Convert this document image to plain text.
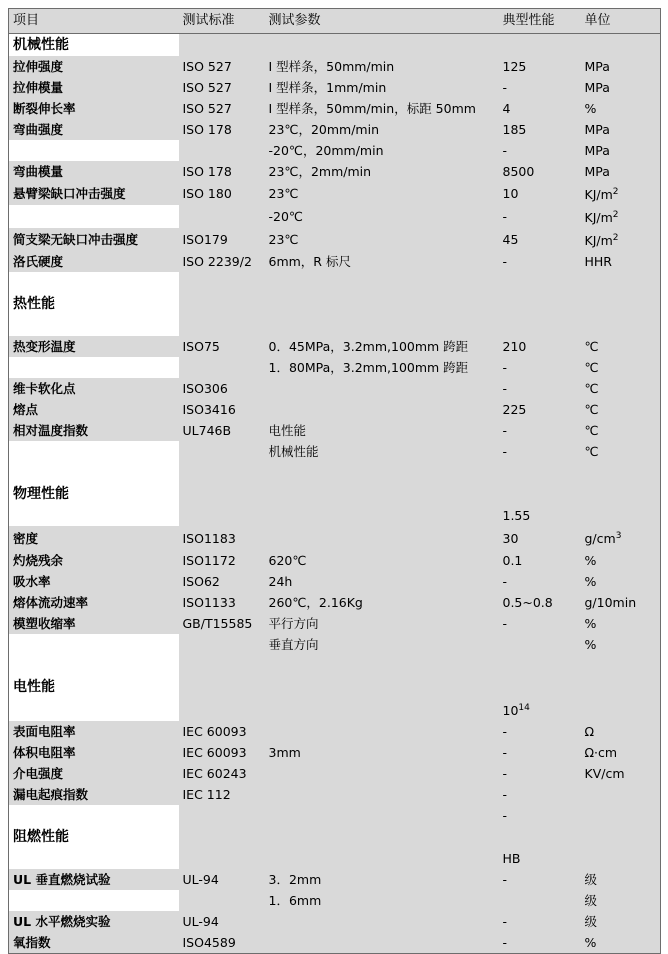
项目	测试标准	测试参数	典型性能	单位
机械性能				
拉伸强度	ISO 527	I 型样条，50mm/min	125	MPa
拉伸模量	ISO 527	I 型样条，1mm/min	-	MPa
断裂伸长率	ISO 527	I 型样条，50mm/min，标距 50mm	4	%
弯曲强度	ISO 178	23℃，20mm/min	185	MPa
		-20℃，20mm/min	-	MPa
弯曲模量	ISO 178	23℃，2mm/min	8500	MPa
悬臂梁缺口冲击强度	ISO 180	23℃	10	$KJ/m^2$
		-20℃	-	$KJ/m^2$
简支梁无缺口冲击强度	ISO179	23℃	45	$KJ/m^2$
洛氏硬度	ISO 2239/2	6mm，R 标尺	-	HHR

热性能				

热变形温度	ISO75	0．45MPa，3.2mm,100mm 跨距	210	℃
		1．80MPa，3.2mm,100mm 跨距	-	℃
维卡软化点	ISO306		-	℃
熔点	ISO3416		225	℃
相对温度指数	UL746B	电性能	-	℃
		机械性能	-	℃

物理性能				
			1.55	
密度	ISO1183		30	$g/cm^3$
灼烧残余	ISO1172	620℃	0.1	%
吸水率	ISO62	24h	-	%
熔体流动速率	ISO1133	260℃，2.16Kg	0.5~0.8	g/10min
模塑收缩率	GB/T15585	平行方向	-	%
		垂直方向		%

电性能				
			$10^{14}$	
表面电阻率	IEC 60093		-	Ω
体积电阻率	IEC 60093	3mm	-	Ω·cm
介电强度	IEC 60243		-	KV/cm
漏电起痕指数	IEC 112		-	
			-	
阻燃性能				
			HB	
UL 垂直燃烧试验	UL-94	3．2mm	-	级
		1．6mm		级
UL 水平燃烧实验	UL-94		-	级
氧指数	ISO4589		-	%
